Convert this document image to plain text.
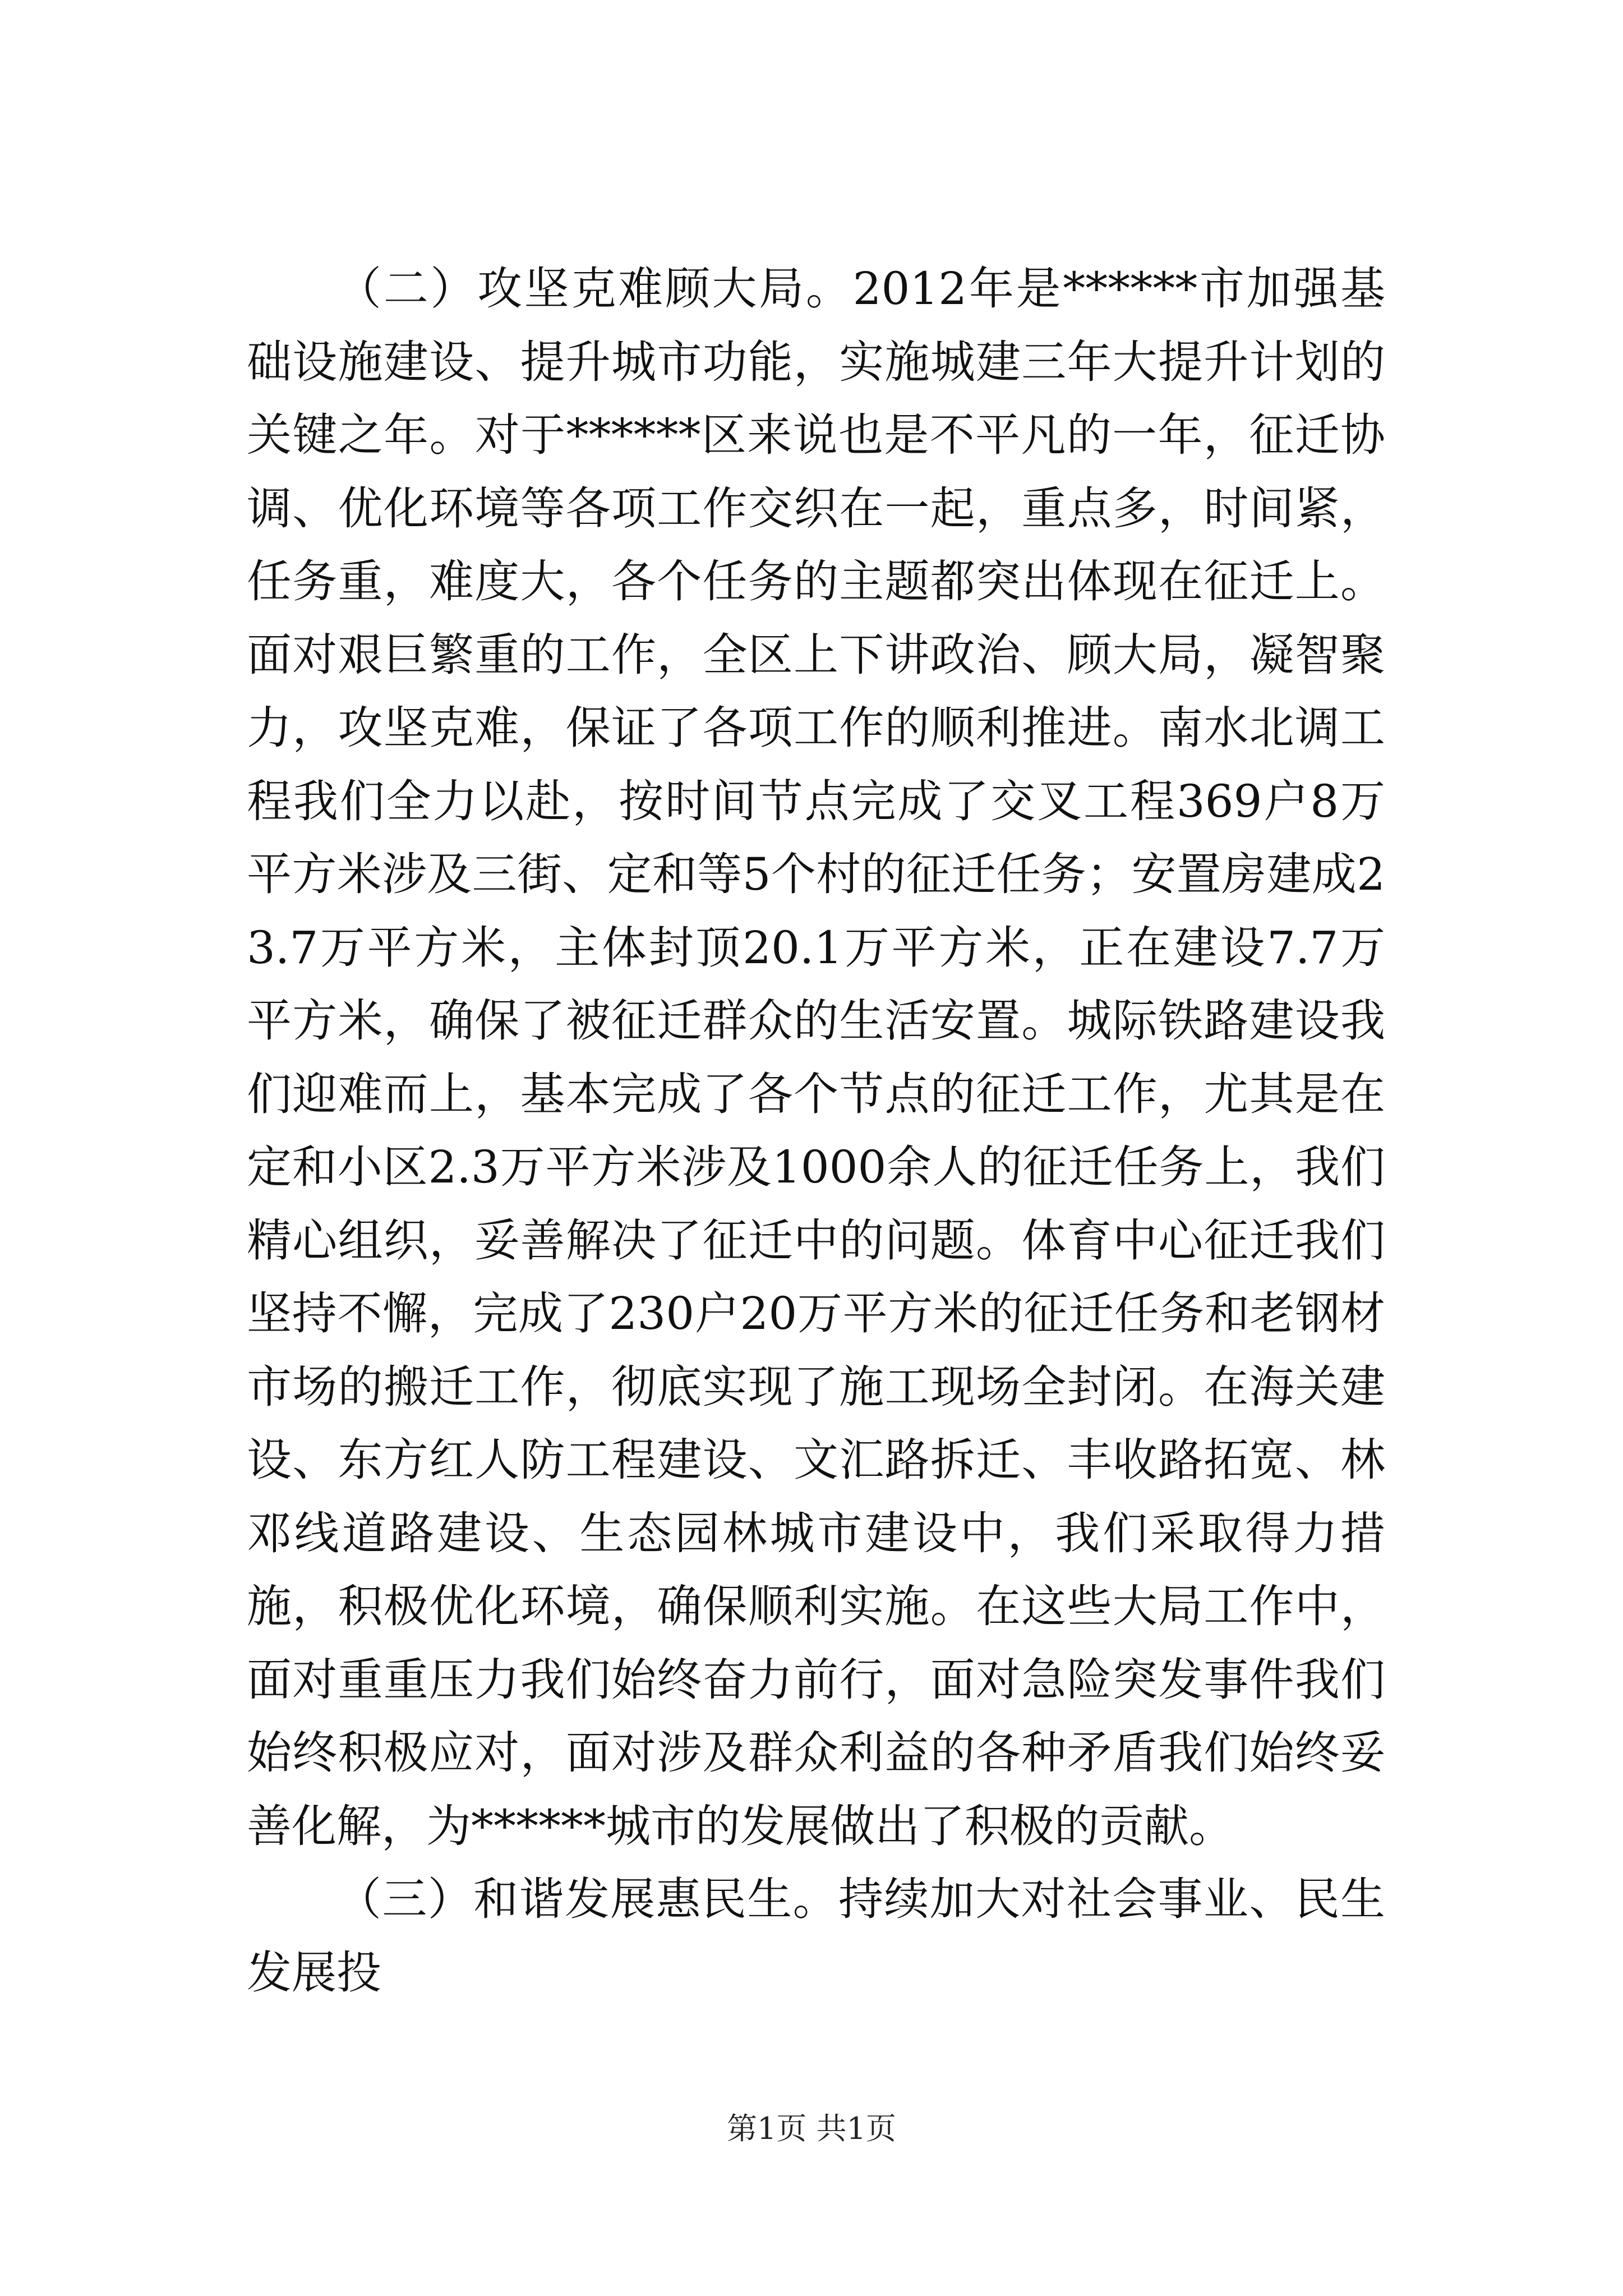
（二）攻坚克难顾大局。2012年是******市加强基础设施建设、提升城市功能，实施城建三年大提升计划的关键之年。对于******区来说也是不平凡的一年，征迁协调、优化环境等各项工作交织在一起，重点多，时间紧，任务重，难度大，各个任务的主题都突出体现在征迁上。面对艰巨繁重的工作，全区上下讲政治、顾大局，凝智聚力，攻坚克难，保证了各项工作的顺利推进。南水北调工程我们全力以赴，按时间节点完成了交叉工程369户8万平方米涉及三街、定和等5个村的征迁任务；安置房建成23.7万平方米，主体封顶20.1万平方米，正在建设7.7万平方米，确保了被征迁群众的生活安置。城际铁路建设我们迎难而上，基本完成了各个节点的征迁工作，尤其是在定和小区2.3万平方米涉及1000余人的征迁任务上，我们精心组织，妥善解决了征迁中的问题。体育中心征迁我们坚持不懈，完成了230户20万平方米的征迁任务和老钢材市场的搬迁工作，彻底实现了施工现场全封闭。在海关建设、东方红人防工程建设、文汇路拆迁、丰收路拓宽、林邓线道路建设、生态园林城市建设中，我们采取得力措施，积极优化环境，确保顺利实施。在这些大局工作中，面对重重压力我们始终奋力前行，面对急险突发事件我们始终积极应对，面对涉及群众利益的各种矛盾我们始终妥善化解，为******城市的发展做出了积极的贡献。

（三）和谐发展惠民生。持续加大对社会事业、民生发展投

第1页 共1页
